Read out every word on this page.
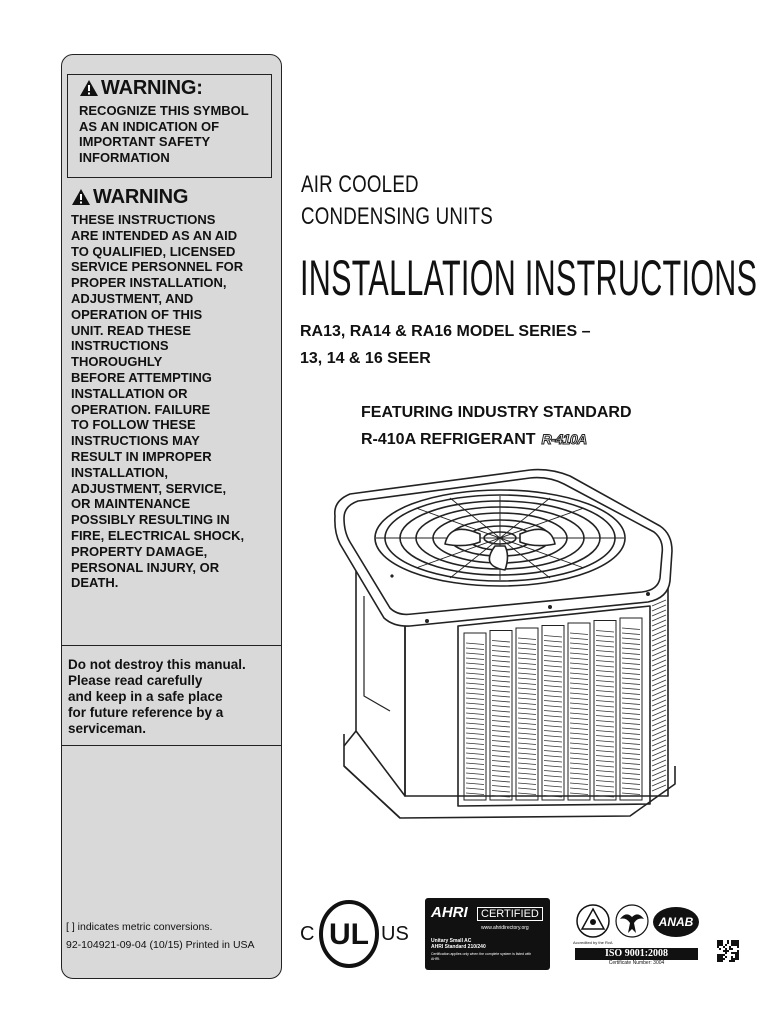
WARNING:
RECOGNIZE THIS SYMBOL AS AN INDICATION OF IMPORTANT SAFETY INFORMATION
WARNING
THESE INSTRUCTIONS
ARE INTENDED AS AN AID
TO QUALIFIED, LICENSED
SERVICE PERSONNEL FOR
PROPER INSTALLATION,
ADJUSTMENT, AND
OPERATION OF THIS
UNIT. READ THESE
INSTRUCTIONS
THOROUGHLY
BEFORE ATTEMPTING
INSTALLATION OR
OPERATION. FAILURE
TO FOLLOW THESE
INSTRUCTIONS MAY
RESULT IN IMPROPER
INSTALLATION,
ADJUSTMENT, SERVICE,
OR MAINTENANCE
POSSIBLY RESULTING IN
FIRE, ELECTRICAL SHOCK,
PROPERTY DAMAGE,
PERSONAL INJURY, OR
DEATH.
Do not destroy this manual.
Please read carefully
and keep in a safe place
for future reference by a
serviceman.
[ ] indicates metric conversions.
92-104921-09-04 (10/15) Printed in USA
AIR COOLED
CONDENSING UNITS
INSTALLATION INSTRUCTIONS
RA13, RA14 & RA16 MODEL SERIES –
13, 14 & 16 SEER
FEATURING INDUSTRY STANDARD
R-410A REFRIGERANT R-410A
C UL US
AHRI	CERTIFIED
www.ahridirectory.org
Unitary Small AC
AHRI Standard 210/240
Certification applies only when the complete system is listed with AHRI.
Accredited by the RvA
ANAB
ISO 9001:2008
Certificate Number: 3004
